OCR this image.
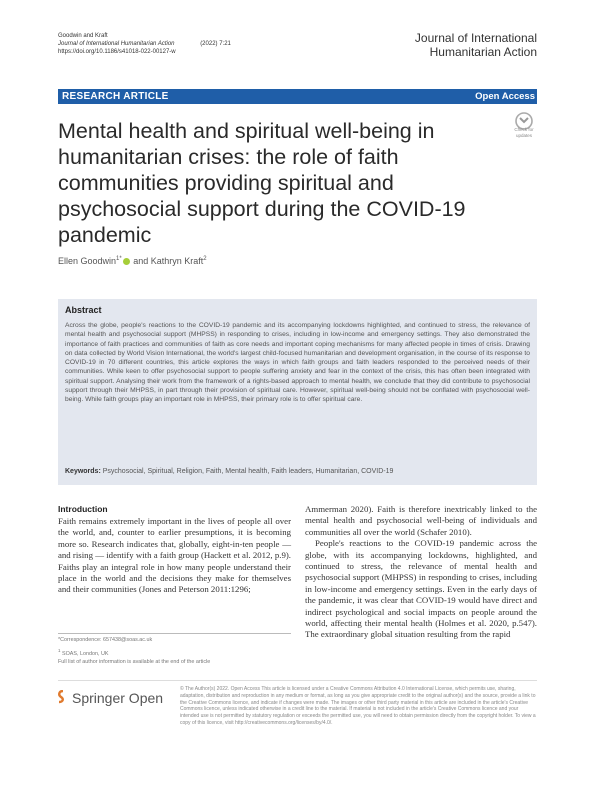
Goodwin and Kraft
Journal of International Humanitarian Action	(2022) 7:21
https://doi.org/10.1186/s41018-022-00127-w
Journal of International
Humanitarian Action
RESEARCH ARTICLE	Open Access
Check for
updates
Mental health and spiritual well-being in humanitarian crises: the role of faith communities providing spiritual and psychosocial support during the COVID-19 pandemic
Ellen Goodwin$^{1*}$ and Kathryn Kraft$^2$
Abstract
Across the globe, people's reactions to the COVID-19 pandemic and its accompanying lockdowns highlighted, and continued to stress, the relevance of mental health and psychosocial support (MHPSS) in responding to crises, including in low-income and emergency settings. They also demonstrated the importance of faith practices and communities of faith as core needs and important coping mechanisms for many affected people in times of crisis. Drawing on data collected by World Vision International, the world's largest child-focused humanitarian and development organisation, in the course of its response to COVID-19 in 70 different countries, this article explores the ways in which faith groups and faith leaders responded to the perceived needs of their communities. While keen to offer psychosocial support to people suffering anxiety and fear in the context of the crisis, this has often been integrated with spiritual support. Analysing their work from the framework of a rights-based approach to mental health, we conclude that they did contribute to psychosocial support through their MHPSS, in part through their provision of spiritual care. However, spiritual well-being should not be conflated with psychosocial well-being. While faith groups play an important role in MHPSS, their primary role is to offer spiritual care.
Keywords: Psychosocial, Spiritual, Religion, Faith, Mental health, Faith leaders, Humanitarian, COVID-19
Introduction

Faith remains extremely important in the lives of people all over the world, and, counter to earlier presumptions, it is becoming more so. Research indicates that, globally, eight-in-ten people — and rising — identify with a faith group (Hackett et al. 2012, p.9). Faiths play an integral role in how many people understand their place in the world and the decisions they make for themselves and their communities (Jones and Peterson 2011:1296;

Ammerman 2020). Faith is therefore inextricably linked to the mental health and psychosocial well-being of individuals and communities all over the world (Schafer 2010).

People's reactions to the COVID-19 pandemic across the globe, with its accompanying lockdowns, highlighted, and continued to stress, the relevance of mental health and psychosocial support (MHPSS) in responding to crises, including in low-income and emergency settings. Even in the early days of the pandemic, it was clear that COVID-19 would have direct and indirect psychological and social impacts on people around the world, affecting their mental health (Holmes et al. 2020, p.547). The extraordinary global situation resulting from the rapid

*Correspondence: 657438@soas.ac.uk
$^1$ SOAS, London, UK
Full list of author information is available at the end of the article
Springer Open
© The Author(s) 2022. Open Access This article is licensed under a Creative Commons Attribution 4.0 International License, which permits use, sharing, adaptation, distribution and reproduction in any medium or format, as long as you give appropriate credit to the original author(s) and the source, provide a link to the Creative Commons licence, and indicate if changes were made. The images or other third party material in this article are included in the article's Creative Commons licence, unless indicated otherwise in a credit line to the material. If material is not included in the article's Creative Commons licence and your intended use is not permitted by statutory regulation or exceeds the permitted use, you will need to obtain permission directly from the copyright holder. To view a copy of this licence, visit http://creativecommons.org/licenses/by/4.0/.
